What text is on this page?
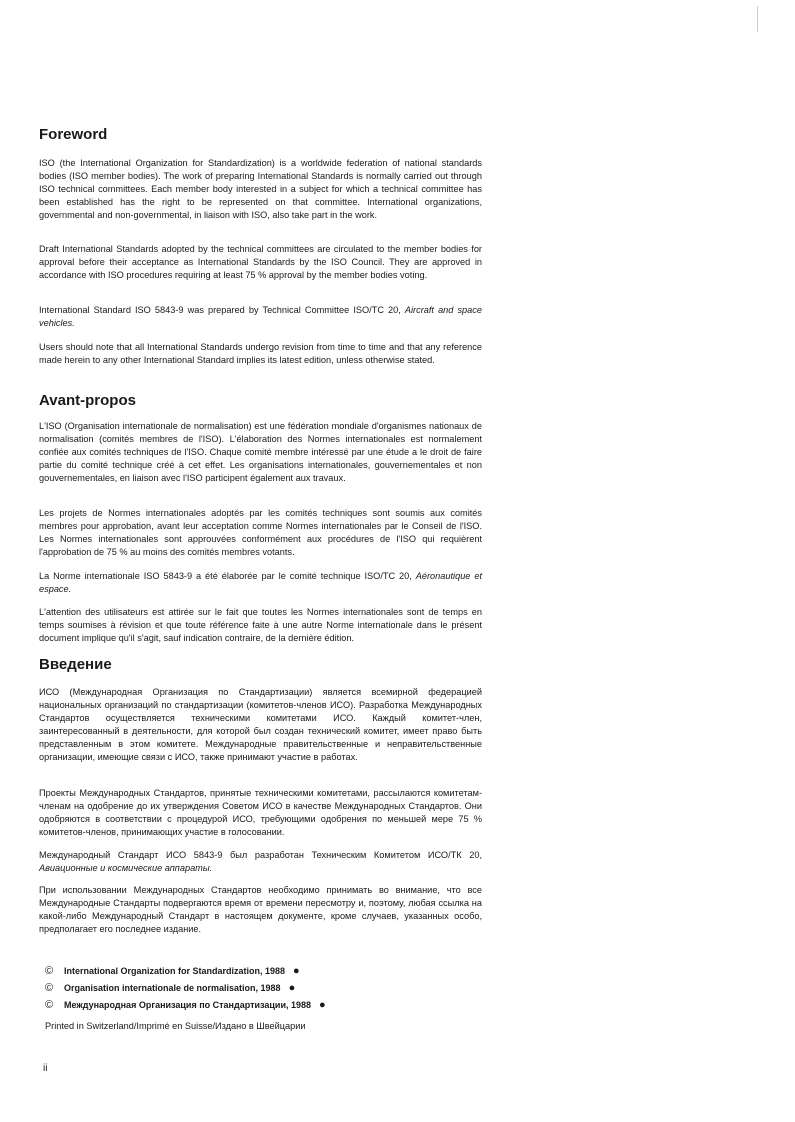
Foreword

ISO (the International Organization for Standardization) is a worldwide federation of national standards bodies (ISO member bodies). The work of preparing International Standards is normally carried out through ISO technical committees. Each member body interested in a subject for which a technical committee has been established has the right to be represented on that committee. International organizations, governmental and non-governmental, in liaison with ISO, also take part in the work.

Draft International Standards adopted by the technical committees are circulated to the member bodies for approval before their acceptance as International Standards by the ISO Council. They are approved in accordance with ISO procedures requiring at least 75 % approval by the member bodies voting.

International Standard ISO 5843-9 was prepared by Technical Committee ISO/TC 20, Aircraft and space vehicles.

Users should note that all International Standards undergo revision from time to time and that any reference made herein to any other International Standard implies its latest edition, unless otherwise stated.

Avant-propos

L'ISO (Organisation internationale de normalisation) est une fédération mondiale d'organismes nationaux de normalisation (comités membres de l'ISO). L'élaboration des Normes internationales est normalement confiée aux comités techniques de l'ISO. Chaque comité membre intéressé par une étude a le droit de faire partie du comité technique créé à cet effet. Les organisations internationales, gouvernementales et non gouvernementales, en liaison avec l'ISO participent également aux travaux.

Les projets de Normes internationales adoptés par les comités techniques sont soumis aux comités membres pour approbation, avant leur acceptation comme Normes internationales par le Conseil de l'ISO. Les Normes internationales sont approuvées conformément aux procédures de l'ISO qui requièrent l'approbation de 75 % au moins des comités membres votants.

La Norme internationale ISO 5843-9 a été élaborée par le comité technique ISO/TC 20, Aéronautique et espace.

L'attention des utilisateurs est attirée sur le fait que toutes les Normes internationales sont de temps en temps soumises à révision et que toute référence faite à une autre Norme internationale dans le présent document implique qu'il s'agit, sauf indication contraire, de la dernière édition.

Введение

ИСО (Международная Организация по Стандартизации) является всемирной федерацией национальных организаций по стандартизации (комитетов-членов ИСО). Разработка Международных Стандартов осуществляется техническими комитетами ИСО. Каждый комитет-член, заинтересованный в деятельности, для которой был создан технический комитет, имеет право быть представленным в этом комитете. Международные правительственные и неправительственные организации, имеющие связи с ИСО, также принимают участие в работах.

Проекты Международных Стандартов, принятые техническими комитетами, рассылаются комитетам-членам на одобрение до их утверждения Советом ИСО в качестве Международных Стандартов. Они одобряются в соответствии с процедурой ИСО, требующими одобрения по меньшей мере 75 % комитетов-членов, принимающих участие в голосовании.

Международный Стандарт ИСО 5843-9 был разработан Техническим Комитетом ИСО/ТК 20, Авиационные и космические аппараты.

При использовании Международных Стандартов необходимо принимать во внимание, что все Международные Стандарты подвергаются время от времени пересмотру и, поэтому, любая ссылка на какой-либо Международный Стандарт в настоящем документе, кроме случаев, указанных особо, предполагает его последнее издание.

©	International Organization for Standardization, 1988 ●
©	Organisation internationale de normalisation, 1988 ●
©	Международная Организация по Стандартизации, 1988 ●
Printed in Switzerland/Imprimé en Suisse/Издано в Швейцарии
ii
